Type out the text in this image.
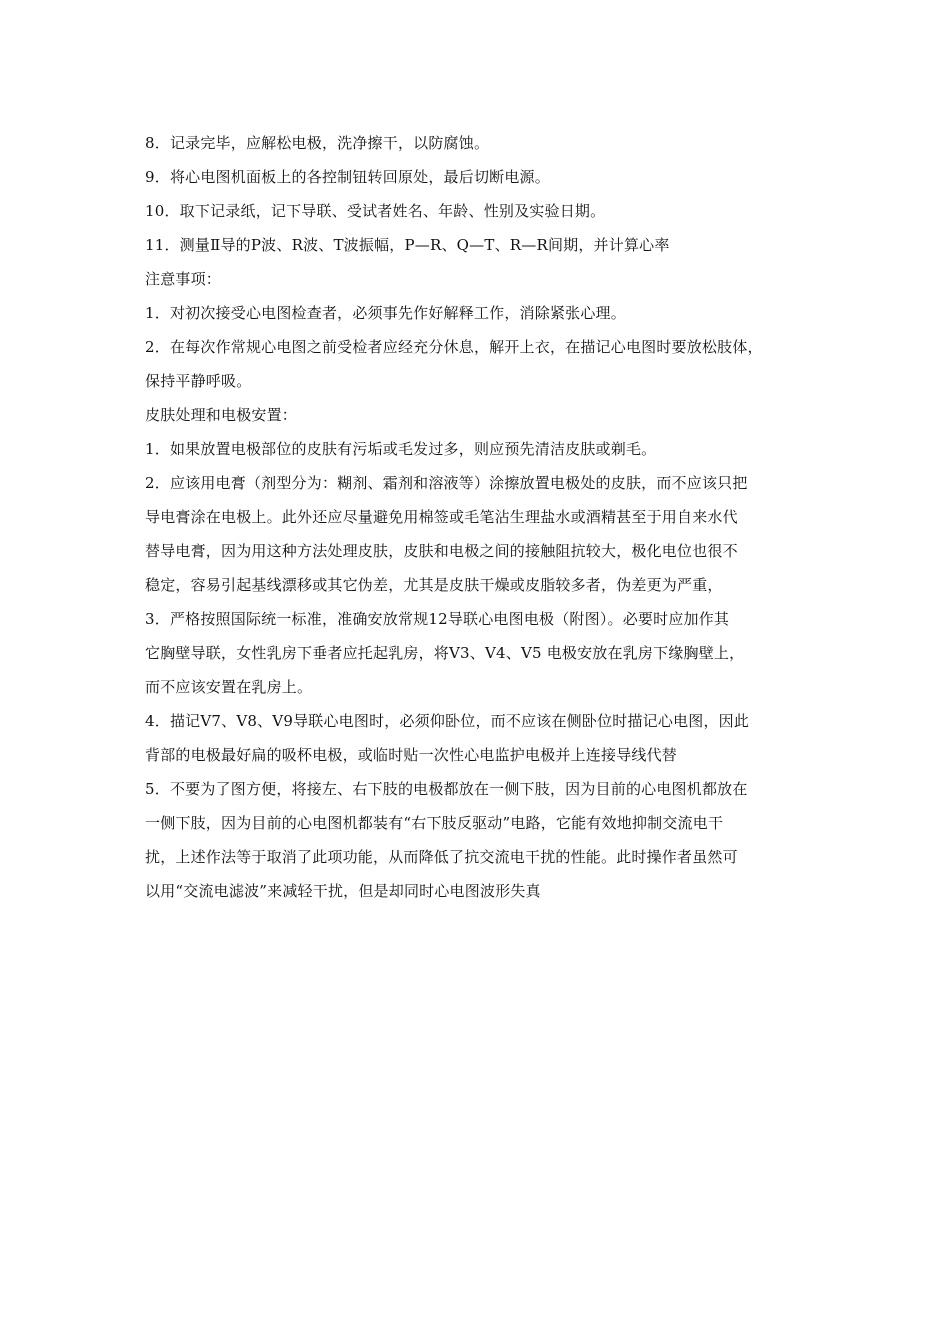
8．记录完毕，应解松电极，洗净擦干，以防腐蚀。
9．将心电图机面板上的各控制钮转回原处，最后切断电源。
10．取下记录纸，记下导联、受试者姓名、年龄、性别及实验日期。
11．测量Ⅱ导的P波、R波、T波振幅，P—R、Q—T、R—R间期，并计算心率
注意事项：
1．对初次接受心电图检查者，必须事先作好解释工作，消除紧张心理。
2．在每次作常规心电图之前受检者应经充分休息，解开上衣，在描记心电图时要放松肢体，
保持平静呼吸。
皮肤处理和电极安置：
1．如果放置电极部位的皮肤有污垢或毛发过多，则应预先清洁皮肤或剃毛。
2．应该用电膏（剂型分为：糊剂、霜剂和溶液等）涂擦放置电极处的皮肤，而不应该只把
导电膏涂在电极上。此外还应尽量避免用棉签或毛笔沾生理盐水或酒精甚至于用自来水代
替导电膏，因为用这种方法处理皮肤，皮肤和电极之间的接触阻抗较大，极化电位也很不
稳定，容易引起基线漂移或其它伪差，尤其是皮肤干燥或皮脂较多者，伪差更为严重，
3．严格按照国际统一标准，准确安放常规12导联心电图电极（附图）。必要时应加作其
它胸壁导联，女性乳房下垂者应托起乳房，将V3、V4、V5 电极安放在乳房下缘胸壁上，
而不应该安置在乳房上。
4．描记V7、V8、V9导联心电图时，必须仰卧位，而不应该在侧卧位时描记心电图，因此
背部的电极最好扁的吸杯电极，或临时贴一次性心电监护电极并上连接导线代替
5．不要为了图方便，将接左、右下肢的电极都放在一侧下肢，因为目前的心电图机都放在
一侧下肢，因为目前的心电图机都装有“右下肢反驱动”电路，它能有效地抑制交流电干
扰，上述作法等于取消了此项功能，从而降低了抗交流电干扰的性能。此时操作者虽然可
以用“交流电滤波”来减轻干扰，但是却同时心电图波形失真
